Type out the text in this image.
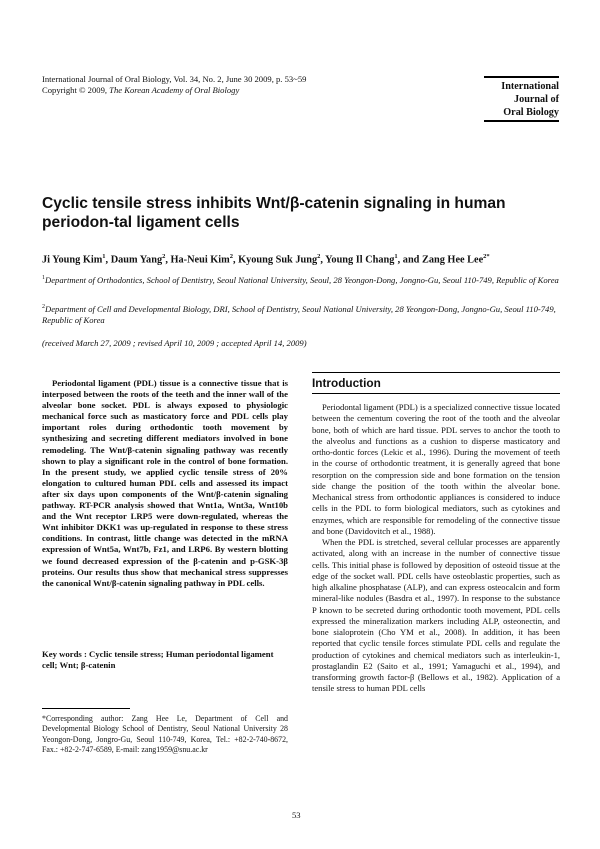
International Journal of Oral Biology, Vol. 34, No. 2, June 30 2009, p. 53~59
Copyright © 2009, The Korean Academy of Oral Biology	International
Journal of
Oral Biology
Cyclic tensile stress inhibits Wnt/β-catenin signaling in human periodon-tal ligament cells
Ji Young Kim$^1$, Daum Yang$^2$, Ha-Neui Kim$^2$, Kyoung Suk Jung$^2$, Young Il Chang$^1$, and Zang Hee Lee$^{2*}$
$^1$Department of Orthodontics, School of Dentistry, Seoul National University, Seoul, 28 Yeongon-Dong, Jongno-Gu, Seoul 110-749, Republic of Korea
$^2$Department of Cell and Developmental Biology, DRI, School of Dentistry, Seoul National University, 28 Yeongon-Dong, Jongno-Gu, Seoul 110-749, Republic of Korea
(received March 27, 2009 ; revised April 10, 2009 ; accepted April 14, 2009)
Periodontal ligament (PDL) tissue is a connective tissue that is interposed between the roots of the teeth and the inner wall of the alveolar bone socket. PDL is always exposed to physiologic mechanical force such as masticatory force and PDL cells play important roles during orthodontic tooth movement by synthesizing and secreting different mediators involved in bone remodeling. The Wnt/β-catenin signaling pathway was recently shown to play a significant role in the control of bone formation. In the present study, we applied cyclic tensile stress of 20% elongation to cultured human PDL cells and assessed its impact after six days upon components of the Wnt/β-catenin signaling pathway. RT-PCR analysis showed that Wnt1a, Wnt3a, Wnt10b and the Wnt receptor LRP5 were down-regulated, whereas the Wnt inhibitor DKK1 was up-regulated in response to these stress conditions. In contrast, little change was detected in the mRNA expression of Wnt5a, Wnt7b, Fz1, and LRP6. By western blotting we found decreased expression of the β-catenin and p-GSK-3β proteins. Our results thus show that mechanical stress suppresses the canonical Wnt/β-catenin signaling pathway in PDL cells.
Key words : Cyclic tensile stress; Human periodontal ligament cell; Wnt; β-catenin
*Corresponding author: Zang Hee Le, Department of Cell and Developmental Biology School of Dentistry, Seoul National University 28 Yeongon-Dong, Jongro-Gu, Seoul 110-749, Korea, Tel.: +82-2-740-8672, Fax.: +82-2-747-6589, E-mail: zang1959@snu.ac.kr
Introduction

Periodontal ligament (PDL) is a specialized connective tissue located between the cementum covering the root of the tooth and the alveolar bone, both of which are hard tissue. PDL serves to anchor the tooth to the alveolus and functions as a cushion to disperse masticatory and ortho-dontic forces (Lekic et al., 1996). During the movement of teeth in the course of orthodontic treatment, it is generally agreed that bone resorption on the compression side and bone formation on the tension side change the position of the tooth within the alveolar bone. Mechanical stress from orthodontic appliances is considered to induce cells in the PDL to form biological mediators, such as cytokines and enzymes, which are responsible for remodeling of the connective tissue and bone (Davidovitch et al., 1988).

When the PDL is stretched, several cellular processes are apparently activated, along with an increase in the number of connective tissue cells. This initial phase is followed by deposition of osteoid tissue at the edge of the socket wall. PDL cells have osteoblastic properties, such as high alkaline phosphatase (ALP), and can express osteocalcin and form mineral-like nodules (Basdra et al., 1997). In response to the substance P known to be secreted during orthodontic tooth movement, PDL cells expressed the mineralization markers including ALP, osteonectin, and bone sialoprotein (Cho YM et al., 2008). In addition, it has been reported that cyclic tensile forces stimulate PDL cells and regulate the production of cytokines and chemical mediators such as interleukin-1, prostaglandin E2 (Saito et al., 1991; Yamaguchi et al., 1994), and transforming growth factor-β (Bellows et al., 1982). Application of a tensile stress to human PDL cells

53
